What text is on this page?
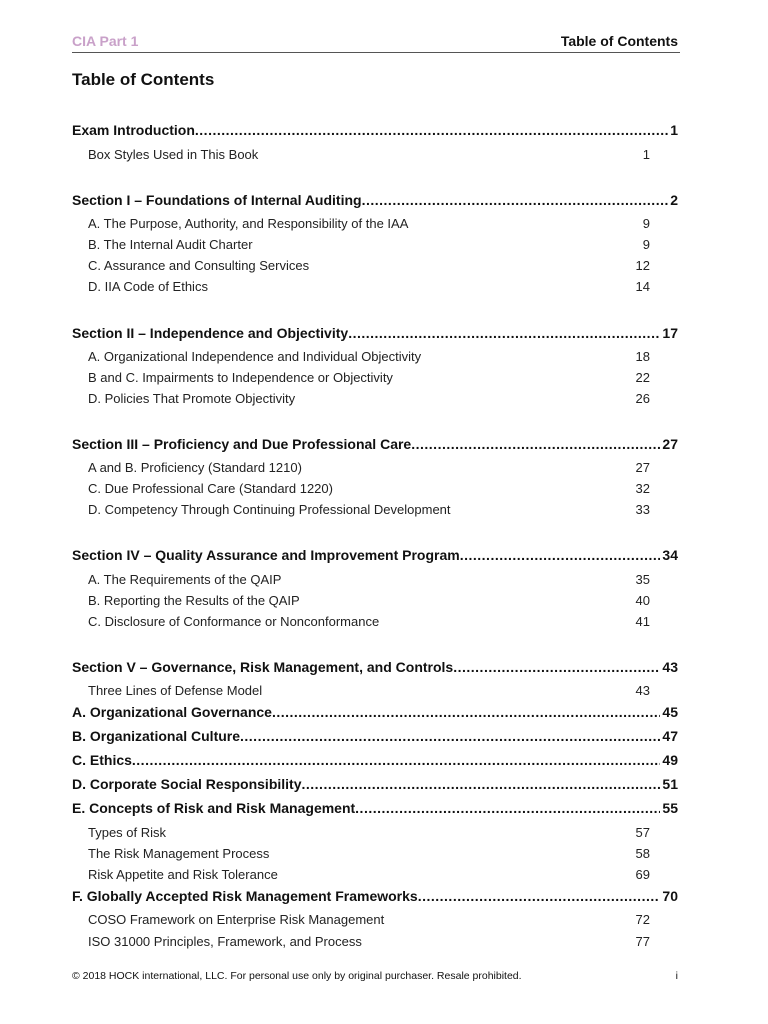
CIA Part 1	Table of Contents
Table of Contents
Exam Introduction .....	1
Box Styles Used in This Book	1
Section I – Foundations of Internal Auditing .....	2
A. The Purpose, Authority, and Responsibility of the IAA	9
B. The Internal Audit Charter	9
C. Assurance and Consulting Services	12
D. IIA Code of Ethics	14
Section II – Independence and Objectivity .....	17
A. Organizational Independence and Individual Objectivity	18
B and C. Impairments to Independence or Objectivity	22
D. Policies That Promote Objectivity	26
Section III – Proficiency and Due Professional Care .....	27
A and B. Proficiency (Standard 1210)	27
C. Due Professional Care (Standard 1220)	32
D. Competency Through Continuing Professional Development	33
Section IV – Quality Assurance and Improvement Program .....	34
A. The Requirements of the QAIP	35
B. Reporting the Results of the QAIP	40
C. Disclosure of Conformance or Nonconformance	41
Section V – Governance, Risk Management, and Controls .....	43
Three Lines of Defense Model	43
A. Organizational Governance .....	45
B. Organizational Culture .....	47
C. Ethics .....	49
D. Corporate Social Responsibility .....	51
E. Concepts of Risk and Risk Management .....	55
Types of Risk	57
The Risk Management Process	58
Risk Appetite and Risk Tolerance	69
F. Globally Accepted Risk Management Frameworks .....	70
COSO Framework on Enterprise Risk Management	72
ISO 31000 Principles, Framework, and Process	77
© 2018 HOCK international, LLC. For personal use only by original purchaser. Resale prohibited.	i
